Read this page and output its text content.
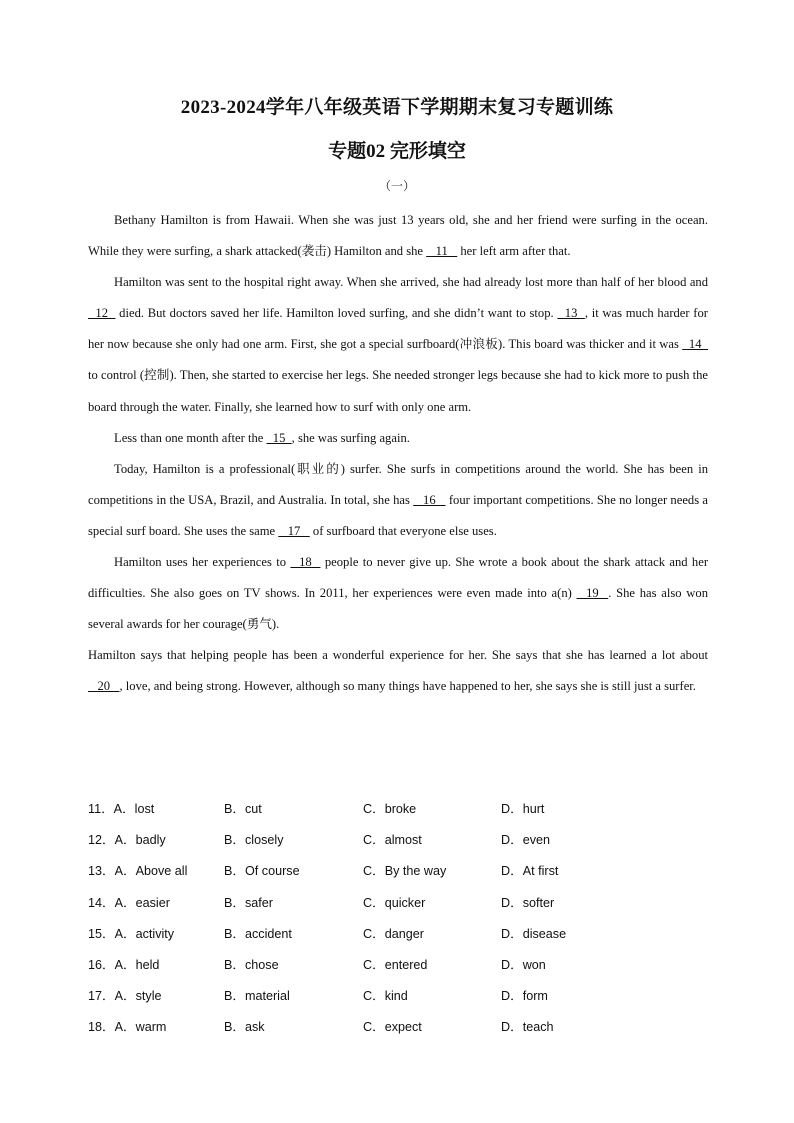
2023-2024学年八年级英语下学期期末复习专题训练
专题02 完形填空
（一）

Bethany Hamilton is from Hawaii. When she was just 13 years old, she and her friend were surfing in the ocean. While they were surfing, a shark attacked(袭击) Hamilton and she    11    her left arm after that.

Hamilton was sent to the hospital right away. When she arrived, she had already lost more than half of her blood and   12   died. But doctors saved her life. Hamilton loved surfing, and she didn’t want to stop.   13  , it was much harder for her now because she only had one arm. First, she got a special surfboard(冲浪板). This board was thicker and it was   14   to control (控制). Then, she started to exercise her legs. She needed stronger legs because she had to kick more to push the board through the water. Finally, she learned how to surf with only one arm.

Less than one month after the   15  , she was surfing again.

Today, Hamilton is a professional(职业的) surfer. She surfs in competitions around the world. She has been in competitions in the USA, Brazil, and Australia. In total, she has    16    four important competitions. She no longer needs a special surf board. She uses the same    17    of surfboard that everyone else uses.

Hamilton uses her experiences to   18   people to never give up. She wrote a book about the shark attack and her difficulties. She also goes on TV shows. In 2011, her experiences were even made into a(n)   19  . She has also won several awards for her courage(勇气).

Hamilton says that helping people has been a wonderful experience for her. She says that she has learned a lot about    20   , love, and being strong. However, although so many things have happened to her, she says she is still just a surfer.

11．A．lost	B．cut	C．broke	D．hurt
12．A．badly	B．closely	C．almost	D．even
13．A．Above all	B．Of course	C．By the way	D．At first
14．A．easier	B．safer	C．quicker	D．softer
15．A．activity	B．accident	C．danger	D．disease
16．A．held	B．chose	C．entered	D．won
17．A．style	B．material	C．kind	D．form
18．A．warm	B．ask	C．expect	D．teach
